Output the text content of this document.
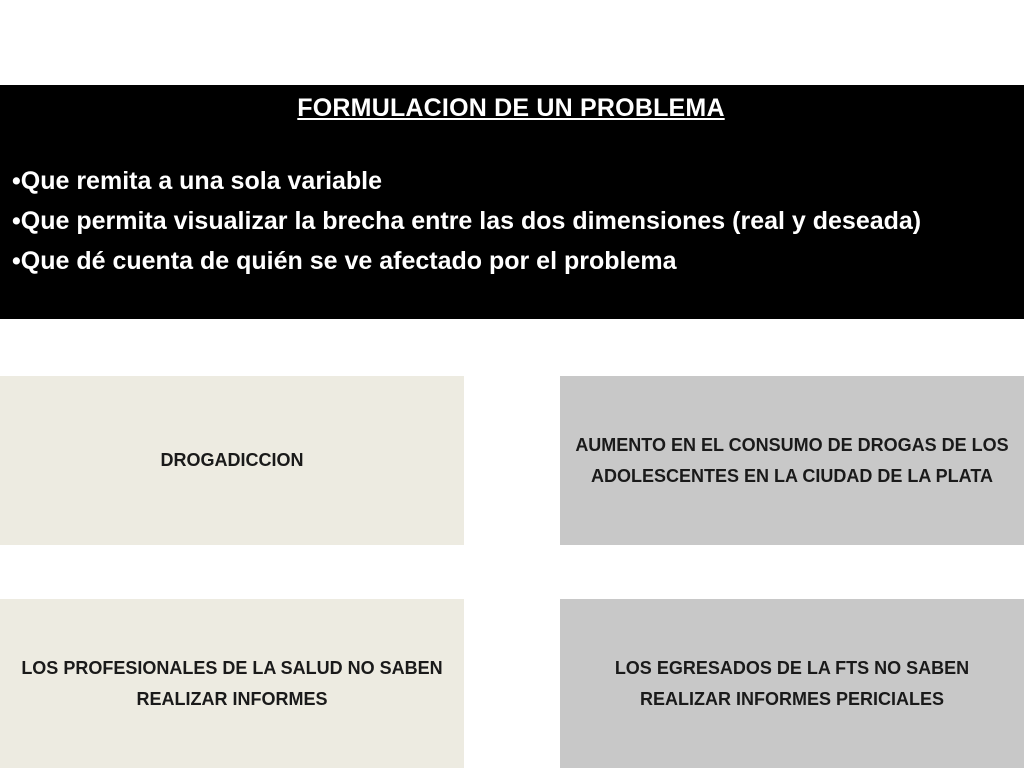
FORMULACION DE UN PROBLEMA
•Que remita a una sola variable
•Que permita visualizar la brecha entre las dos dimensiones (real y deseada)
•Que dé cuenta de quién se ve afectado por el problema
DROGADICCION
AUMENTO EN EL CONSUMO DE DROGAS DE LOS ADOLESCENTES EN LA CIUDAD DE LA PLATA
LOS PROFESIONALES DE LA SALUD NO SABEN REALIZAR INFORMES
LOS EGRESADOS DE LA FTS NO SABEN REALIZAR INFORMES PERICIALES
